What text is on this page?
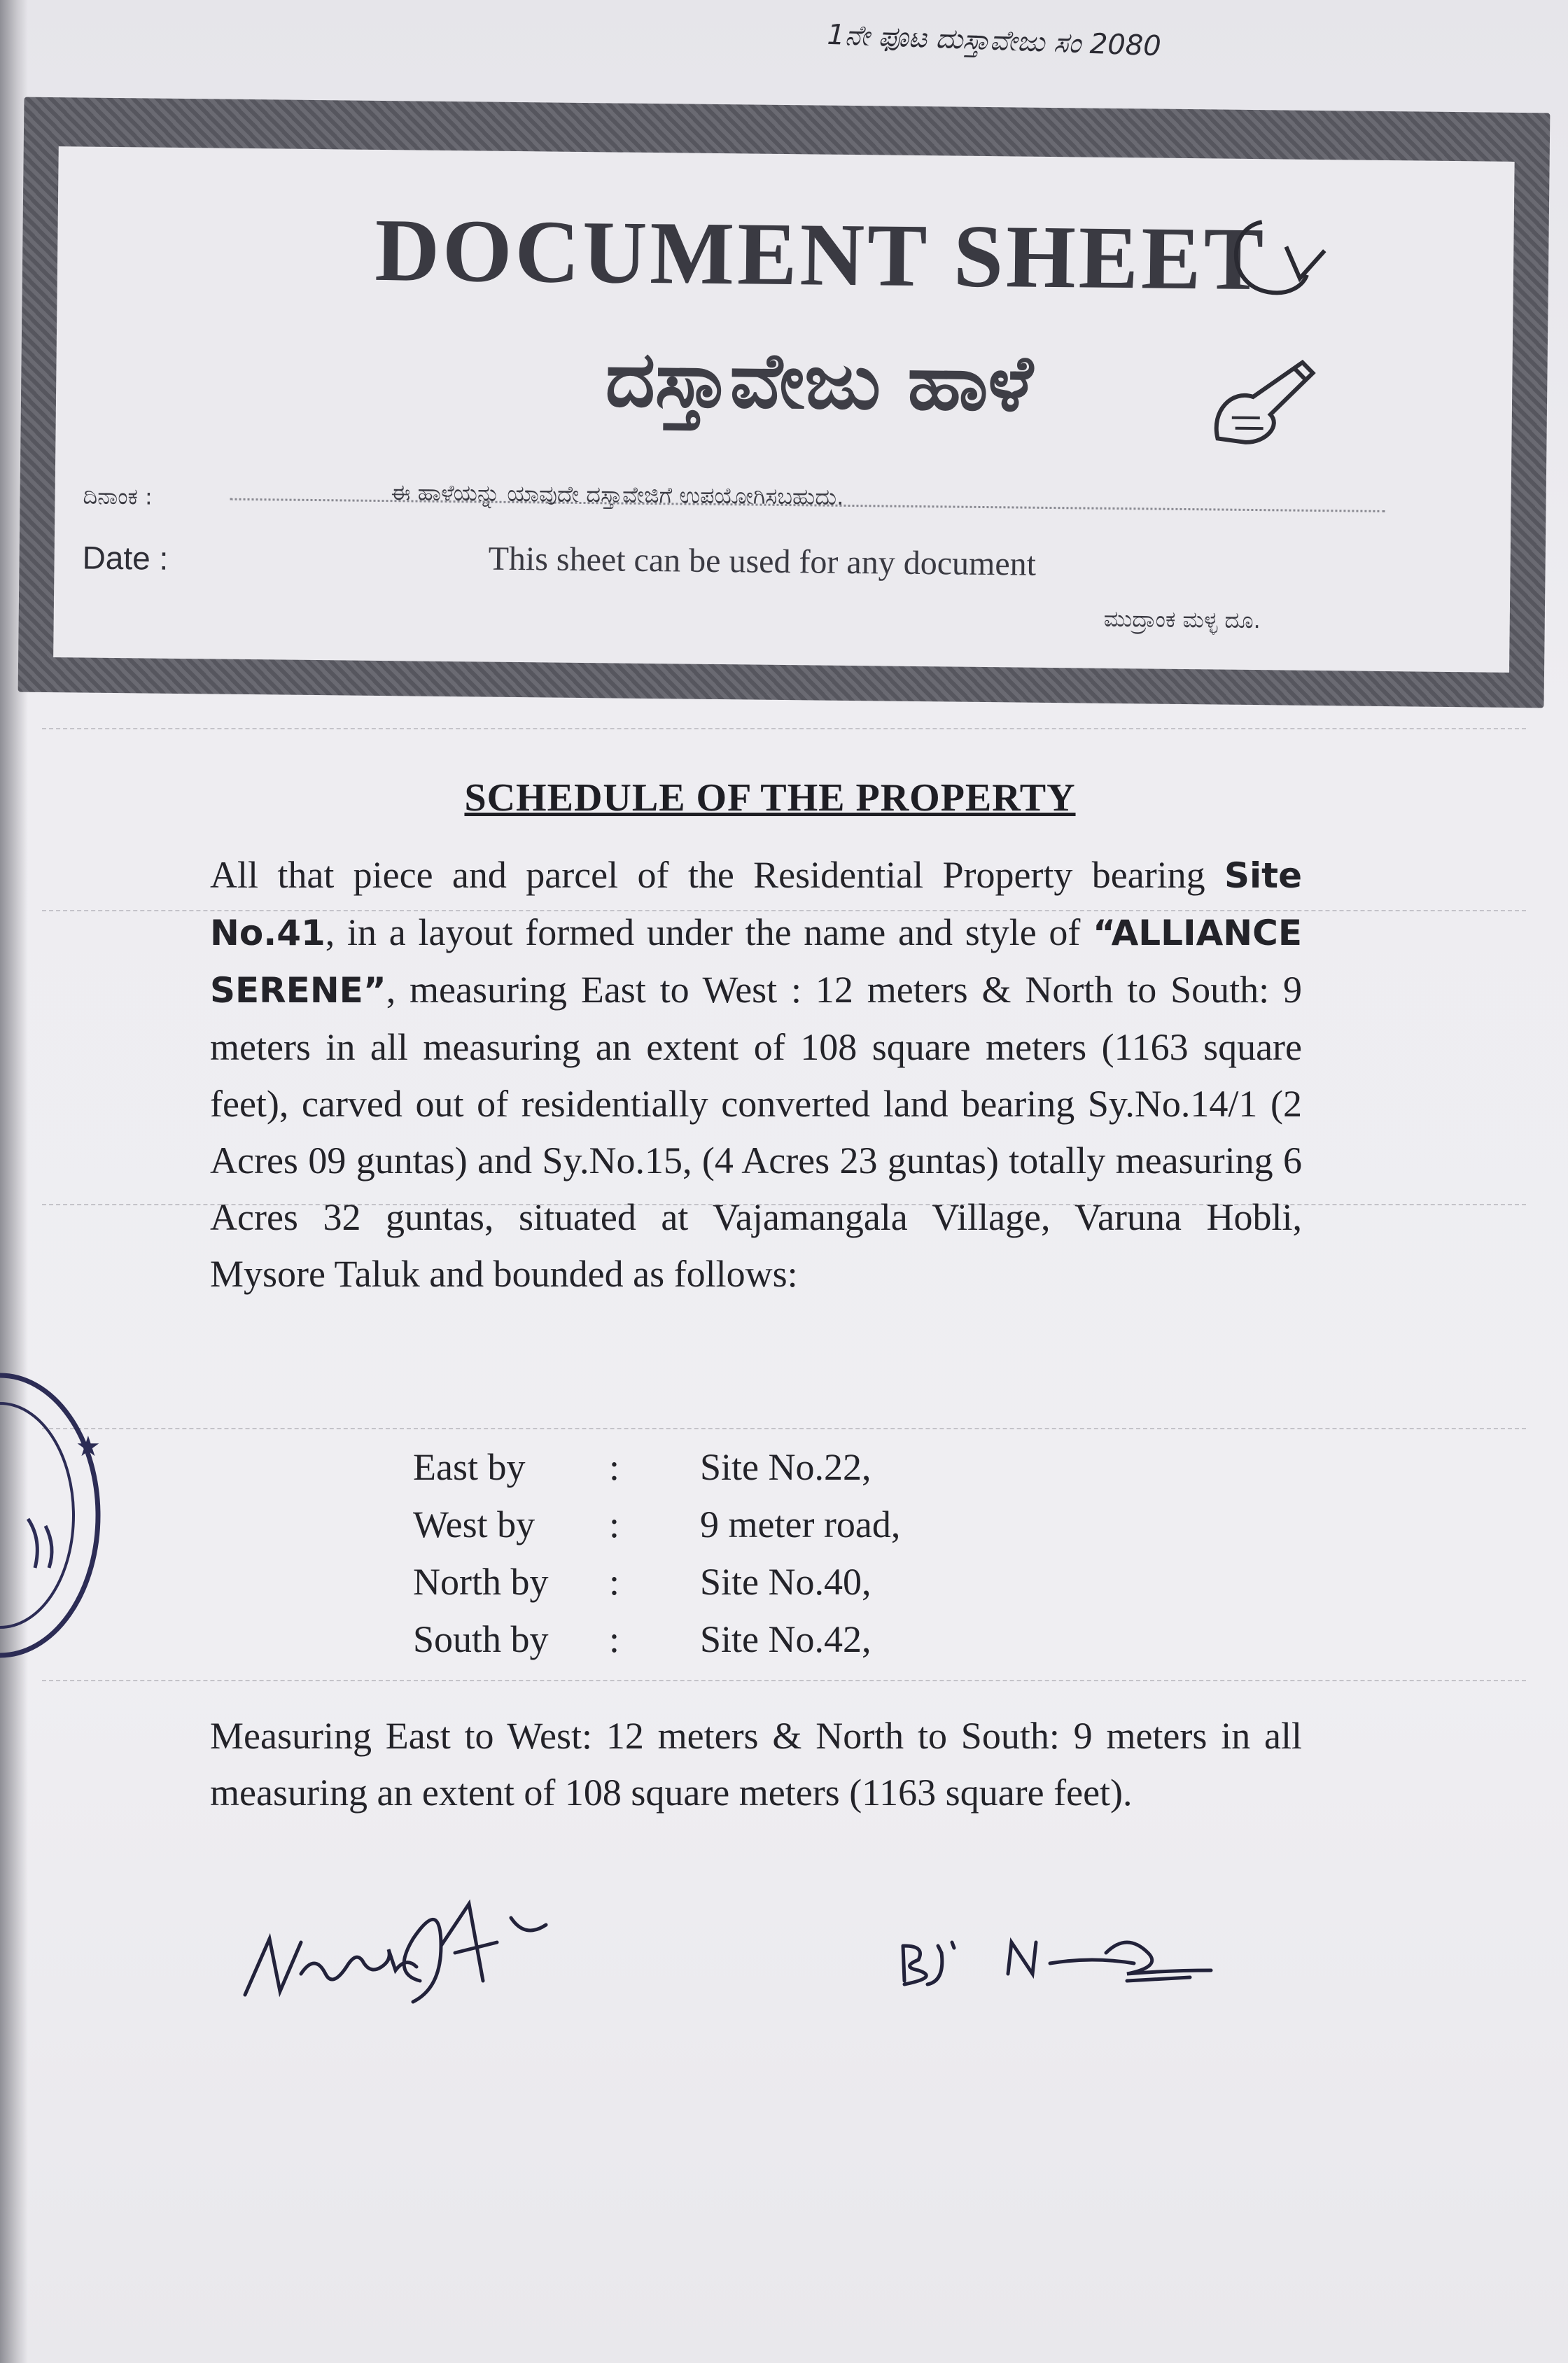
1ನೇ ಫೂಟ ದುಸ್ತಾವೇಜು ಸಂ 2080
DOCUMENT SHEET
ದಸ್ತಾವೇಜು ಹಾಳೆ
ದಿನಾಂಕ :	ಈ ಹಾಳೆಯನ್ನು ಯಾವುದೇ ದಸ್ತಾವೇಜಿಗೆ ಉಪಯೋಗಿಸಬಹುದು.
Date :	This sheet can be used for any document
ಮುದ್ರಾಂಕ ಮಳ್ಳ ದೂ.
SCHEDULE OF THE PROPERTY
All that piece and parcel of the Residential Property bearing Site No.41, in a layout formed under the name and style of “ALLIANCE SERENE”, measuring East to West : 12 meters & North to South: 9 meters in all measuring an extent of 108 square meters (1163 square feet), carved out of residentially converted land bearing Sy.No.14/1 (2 Acres 09 guntas) and Sy.No.15, (4 Acres 23 guntas) totally measuring 6 Acres 32 guntas, situated at Vajamangala Village, Varuna Hobli, Mysore Taluk and bounded as follows:
East by	:	Site No.22,
West by	:	9 meter road,
North by	:	Site No.40,
South by	:	Site No.42,
Measuring East to West: 12 meters & North to South: 9 meters in all measuring an extent of 108 square meters (1163 square feet).
★
